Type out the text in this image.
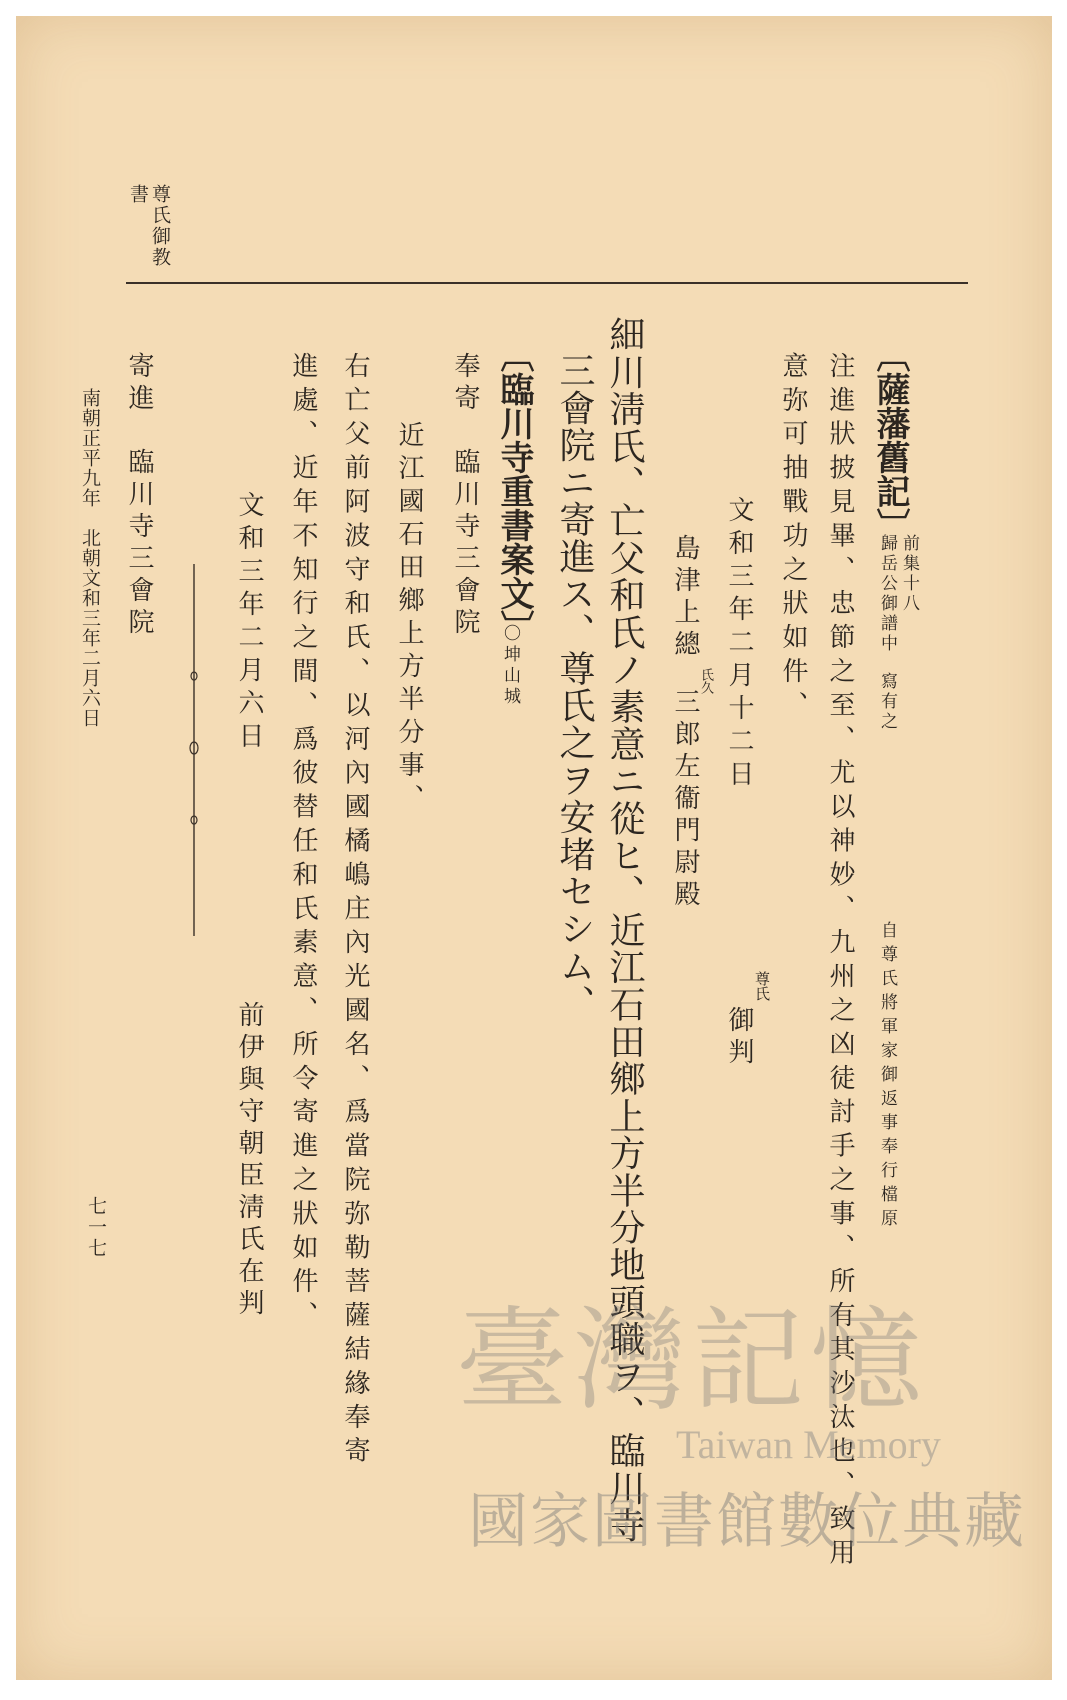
尊氏御教
書
〔薩藩舊記〕
歸岳公御譜中寫有之
前集十八
自尊氏將軍家御返事奉行檔原
注進狀披見畢、忠節之至、尤以神妙、九州之凶徒討手之事、所有其沙汰也、致用
意弥可抽戰功之狀如件、
文和三年二月十二日
尊氏
御判
島津上總
氏久
三郎左衞門尉殿
細川淸氏、亡父和氏ノ素意ニ從ヒ、近江石田鄉上方半分地頭職ヲ、臨川寺
三會院ニ寄進ス、尊氏之ヲ安堵セシム、
〔臨川寺重書案文〕
〇坤山城
奉寄　臨川寺三會院
近江國石田鄉上方半分事、
右亡父前阿波守和氏、以河內國橘嶋庄內光國名、爲當院弥勒菩薩結緣奉寄
進處、近年不知行之間、爲彼替任和氏素意、所令寄進之狀如件、
文和三年二月六日
前伊與守朝臣淸氏在判
寄進　臨川寺三會院
南朝正平九年　北朝文和三年二月六日
七一七
臺灣記憶
Taiwan Memory
國家圖書館數位典藏
